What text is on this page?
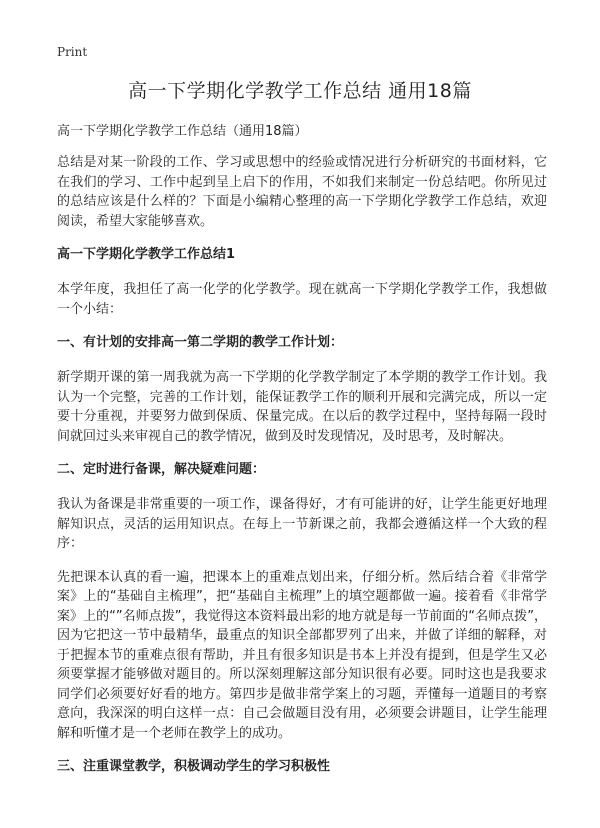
Print
高一下学期化学教学工作总结 通用18篇

高一下学期化学教学工作总结（通用18篇）

总结是对某一阶段的工作、学习或思想中的经验或情况进行分析研究的书面材料，它在我们的学习、工作中起到呈上启下的作用，不如我们来制定一份总结吧。你所见过的总结应该是什么样的？下面是小编精心整理的高一下学期化学教学工作总结，欢迎阅读，希望大家能够喜欢。

高一下学期化学教学工作总结1

本学年度，我担任了高一化学的化学教学。现在就高一下学期化学教学工作，我想做一个小结：

一、有计划的安排高一第二学期的教学工作计划：

新学期开课的第一周我就为高一下学期的化学教学制定了本学期的教学工作计划。我认为一个完整，完善的工作计划，能保证教学工作的顺利开展和完满完成，所以一定要十分重视，并要努力做到保质、保量完成。在以后的教学过程中，坚持每隔一段时间就回过头来审视自己的教学情况，做到及时发现情况，及时思考，及时解决。

二、定时进行备课，解决疑难问题：

我认为备课是非常重要的一项工作，课备得好，才有可能讲的好，让学生能更好地理解知识点，灵活的运用知识点。在每上一节新课之前，我都会遵循这样一个大致的程序：

先把课本认真的看一遍，把课本上的重难点划出来，仔细分析。然后结合着《非常学案》上的“基础自主梳理”，把“基础自主梳理”上的填空题都做一遍。接着看《非常学案》上的“”名师点拨”，我觉得这本资料最出彩的地方就是每一节前面的“名师点拨”，因为它把这一节中最精华，最重点的知识全部都罗列了出来，并做了详细的解释，对于把握本节的重难点很有帮助，并且有很多知识是书本上并没有提到，但是学生又必须要掌握才能够做对题目的。所以深刻理解这部分知识很有必要。同时这也是我要求同学们必须要好好看的地方。第四步是做非常学案上的习题，弄懂每一道题目的考察意向，我深深的明白这样一点：自己会做题目没有用，必须要会讲题目，让学生能理解和听懂才是一个老师在教学上的成功。

三、注重课堂教学，积极调动学生的学习积极性
